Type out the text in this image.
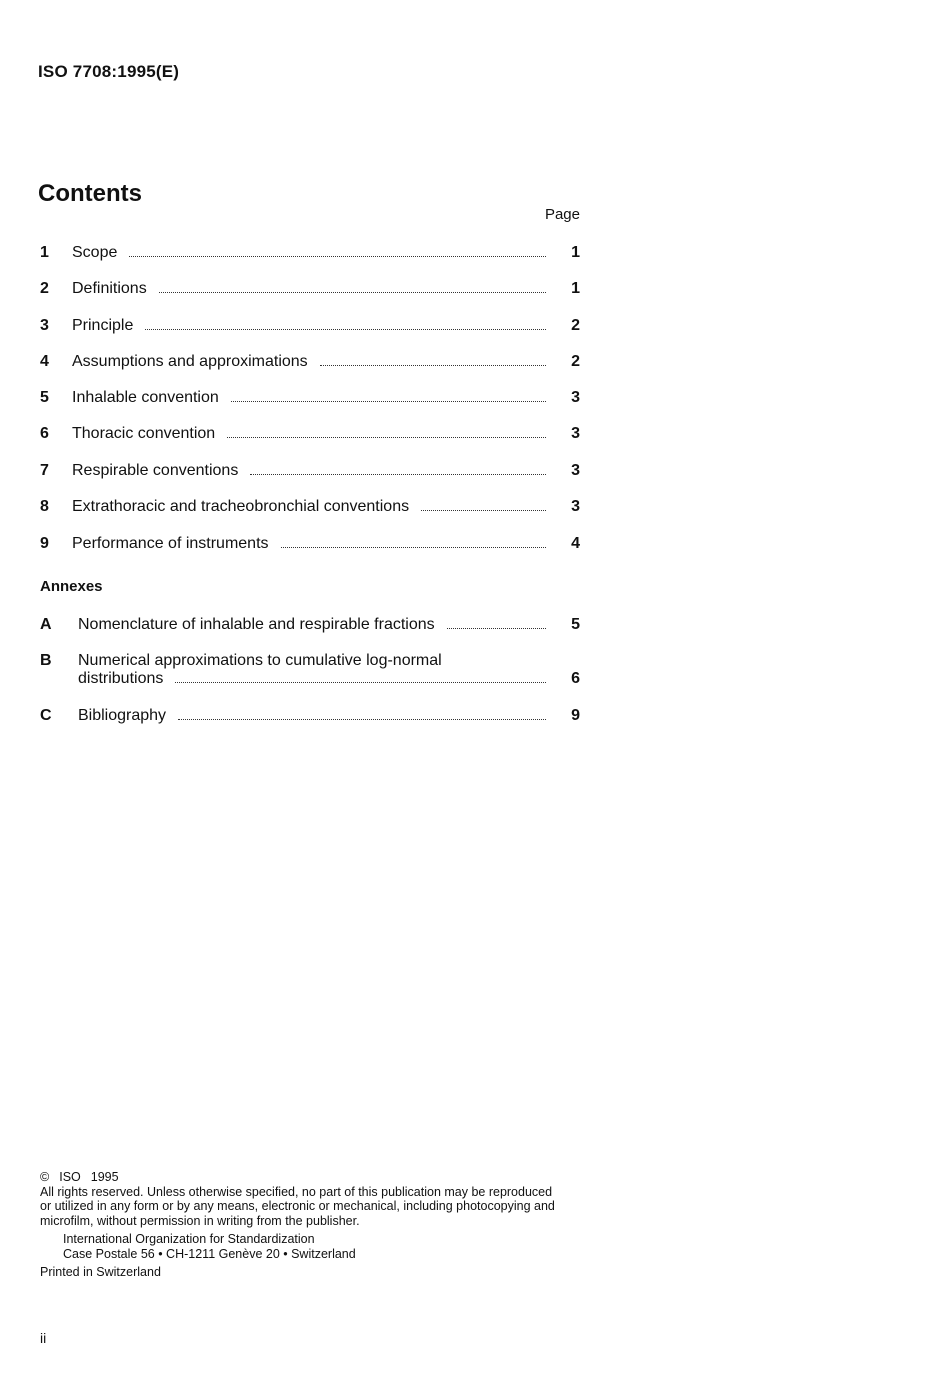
ISO 7708:1995(E)
Contents
Page
1	Scope	1
2	Definitions	1
3	Principle	2
4	Assumptions and approximations	2
5	Inhalable convention	3
6	Thoracic convention	3
7	Respirable conventions	3
8	Extrathoracic and tracheobronchial conventions	3
9	Performance of instruments	4
A	Nomenclature of inhalable and respirable fractions	5
B	Numerical approximations to cumulative log-normal
distributions	6
C	Bibliography	9
Annexes
© ISO 1995
All rights reserved. Unless otherwise specified, no part of this publication may be reproduced
or utilized in any form or by any means, electronic or mechanical, including photocopying and
microfilm, without permission in writing from the publisher.
International Organization for Standardization
Case Postale 56 • CH-1211 Genève 20 • Switzerland
Printed in Switzerland
ii
